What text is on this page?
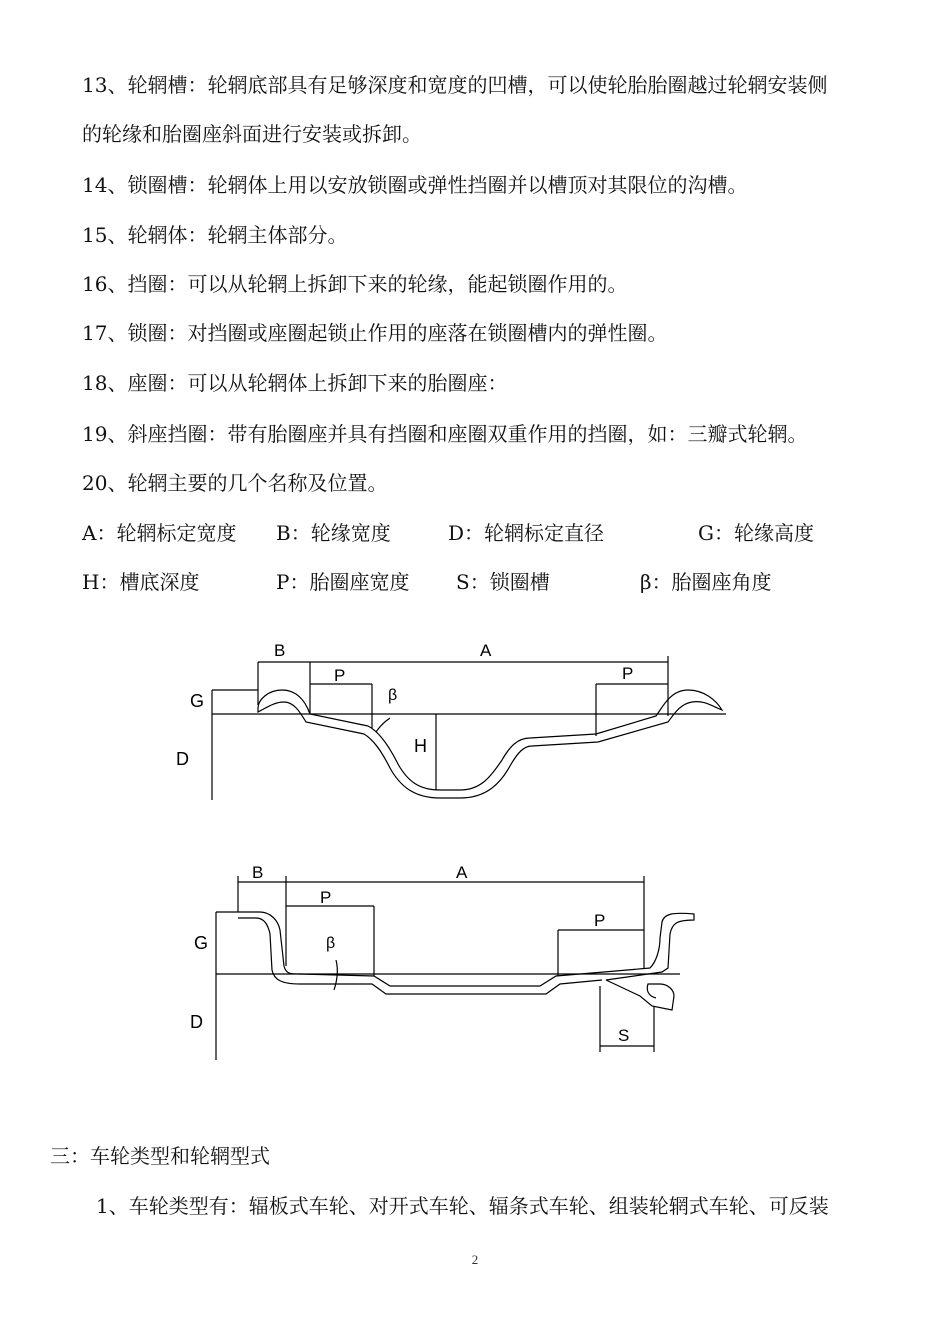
13、轮辋槽：轮辋底部具有足够深度和宽度的凹槽，可以使轮胎胎圈越过轮辋安装侧
的轮缘和胎圈座斜面进行安装或拆卸。
14、锁圈槽：轮辋体上用以安放锁圈或弹性挡圈并以槽顶对其限位的沟槽。
15、轮辋体：轮辋主体部分。
16、挡圈：可以从轮辋上拆卸下来的轮缘，能起锁圈作用的。
17、锁圈：对挡圈或座圈起锁止作用的座落在锁圈槽内的弹性圈。
18、座圈：可以从轮辋体上拆卸下来的胎圈座：
19、斜座挡圈：带有胎圈座并具有挡圈和座圈双重作用的挡圈，如：三瓣式轮辋。
20、轮辋主要的几个名称及位置。
A：轮辋标定宽度 B：轮缘宽度	D：轮辋标定直径	G：轮缘高度
H：槽底深度	P：胎圈座宽度 S：锁圈槽	β：胎圈座角度
B	A
P	P
β
G
D
H
B	A
P
P
β
G
D
S
三：车轮类型和轮辋型式
1、车轮类型有：辐板式车轮、对开式车轮、辐条式车轮、组装轮辋式车轮、可反装
2
